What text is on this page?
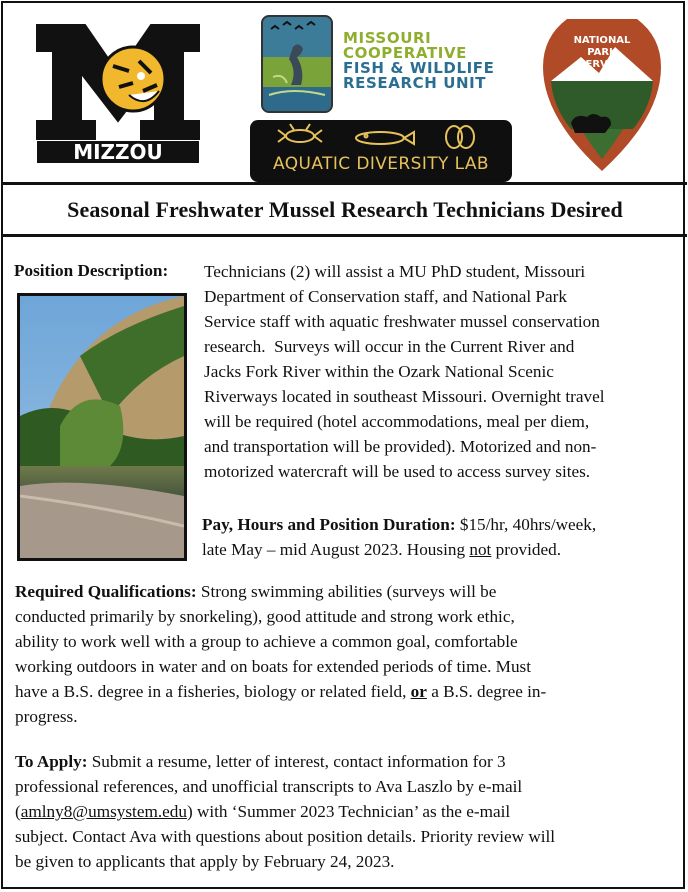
MIZZOU
MISSOURI
COOPERATIVE
FISH & WILDLIFE
RESEARCH UNIT
AQUATIC DIVERSITY LAB
NATIONAL
PARK
SERVICE
Seasonal Freshwater Mussel Research Technicians Desired
Position Description: Technicians (2) will assist a MU PhD student, Missouri
Department of Conservation staff, and National Park
Service staff with aquatic freshwater mussel conservation
research.  Surveys will occur in the Current River and
Jacks Fork River within the Ozark National Scenic
Riverways located in southeast Missouri. Overnight travel
will be required (hotel accommodations, meal per diem,
and transportation will be provided). Motorized and non-
motorized watercraft will be used to access survey sites.
Pay, Hours and Position Duration: $15/hr, 40hrs/week,
late May – mid August 2023. Housing not provided.
Required Qualifications: Strong swimming abilities (surveys will be
conducted primarily by snorkeling), good attitude and strong work ethic,
ability to work well with a group to achieve a common goal, comfortable
working outdoors in water and on boats for extended periods of time. Must
have a B.S. degree in a fisheries, biology or related field, or a B.S. degree in-
progress.
To Apply: Submit a resume, letter of interest, contact information for 3
professional references, and unofficial transcripts to Ava Laszlo by e-mail
(amlny8@umsystem.edu) with ‘Summer 2023 Technician’ as the e-mail
subject. Contact Ava with questions about position details. Priority review will
be given to applicants that apply by February 24, 2023.
